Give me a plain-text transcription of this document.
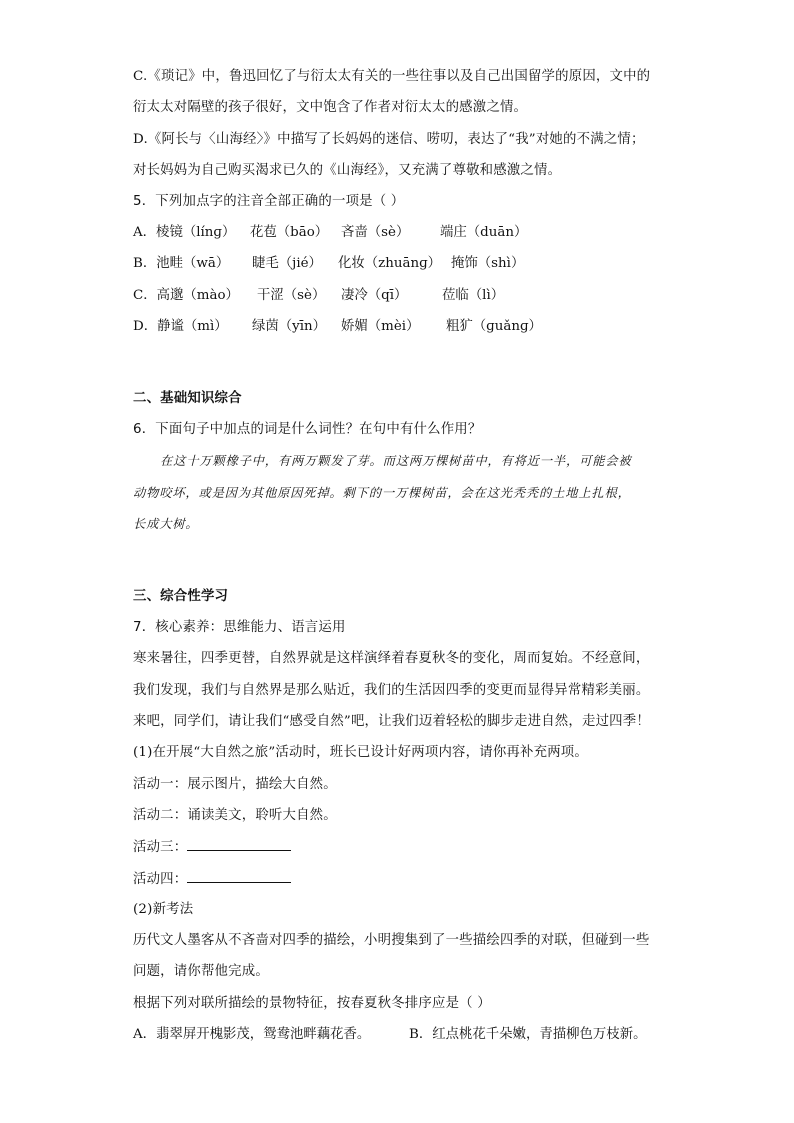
C.《琐记》中，鲁迅回忆了与衍太太有关的一些往事以及自己出国留学的原因，文中的
衍太太对隔壁的孩子很好，文中饱含了作者对衍太太的感激之情。
D.《阿长与〈山海经〉》中描写了长妈妈的迷信、唠叨，表达了“我”对她的不满之情；
对长妈妈为自己购买渴求已久的《山海经》，又充满了尊敬和感激之情。
5．下列加点字的注音全部正确的一项是（ ）
A．棱镜（línɡ） 花苞（bāo） 吝啬（sè） 端庄（duān）
B．池畦（wā） 睫毛（jié） 化妆（zhuānɡ） 掩饰（shì）
C．高邈（mào） 干涩（sè） 凄冷（qī）	莅临（lì）
D．静谧（mì） 绿茵（yīn） 娇媚（mèi） 粗犷（ɡuǎnɡ）
二、基础知识综合
6．下面句子中加点的词是什么词性？在句中有什么作用？
在这十万颗橡子中，有两万颗发了芽。而这两万棵树苗中，有将近一半，可能会被
动物咬坏，或是因为其他原因死掉。剩下的一万棵树苗，会在这光秃秃的土地上扎根，
长成大树。
三、综合性学习
7．核心素养：思维能力、语言运用
寒来暑往，四季更替，自然界就是这样演绎着春夏秋冬的变化，周而复始。不经意间，
我们发现，我们与自然界是那么贴近，我们的生活因四季的变更而显得异常精彩美丽。
来吧，同学们，请让我们“感受自然”吧，让我们迈着轻松的脚步走进自然，走过四季！
(1)在开展“大自然之旅”活动时，班长已设计好两项内容，请你再补充两项。
活动一：展示图片，描绘大自然。
活动二：诵读美文，聆听大自然。
活动三：
活动四：
(2)新考法
历代文人墨客从不吝啬对四季的描绘，小明搜集到了一些描绘四季的对联，但碰到一些
问题，请你帮他完成。
根据下列对联所描绘的景物特征，按春夏秋冬排序应是（ ）
A．翡翠屏开槐影茂，鸳鸯池畔藕花香。	B．红点桃花千朵嫩，青描柳色万枝新。
